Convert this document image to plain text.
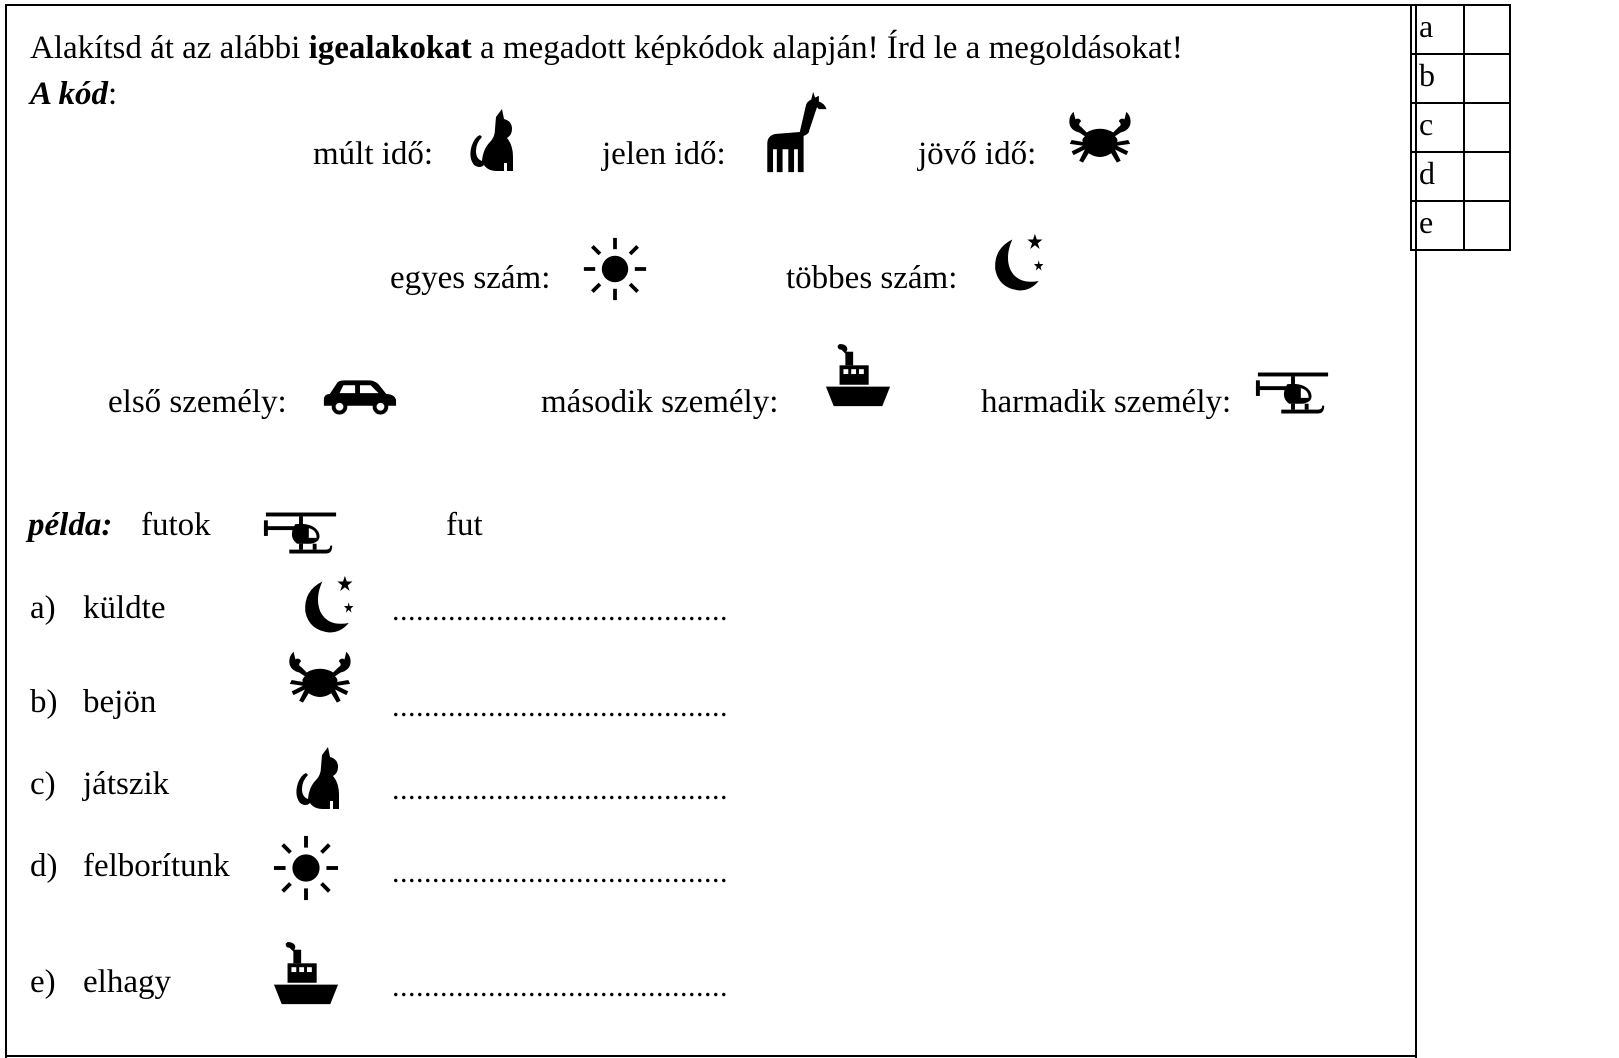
Alakítsd át az alábbi igealakokat a megadott képkódok alapján! Írd le a megoldásokat!
A kód:
múlt idő:	jelen idő:	jövő idő:
egyes szám:	többes szám:
első személy:	második személy:	harmadik személy:
példa: futok	fut
a) küldte	..........................................
b) bejön	..........................................
c) játszik	..........................................
d) felborítunk	..........................................
e) elhagy	..........................................
a	
b	
c	
d	
e	
